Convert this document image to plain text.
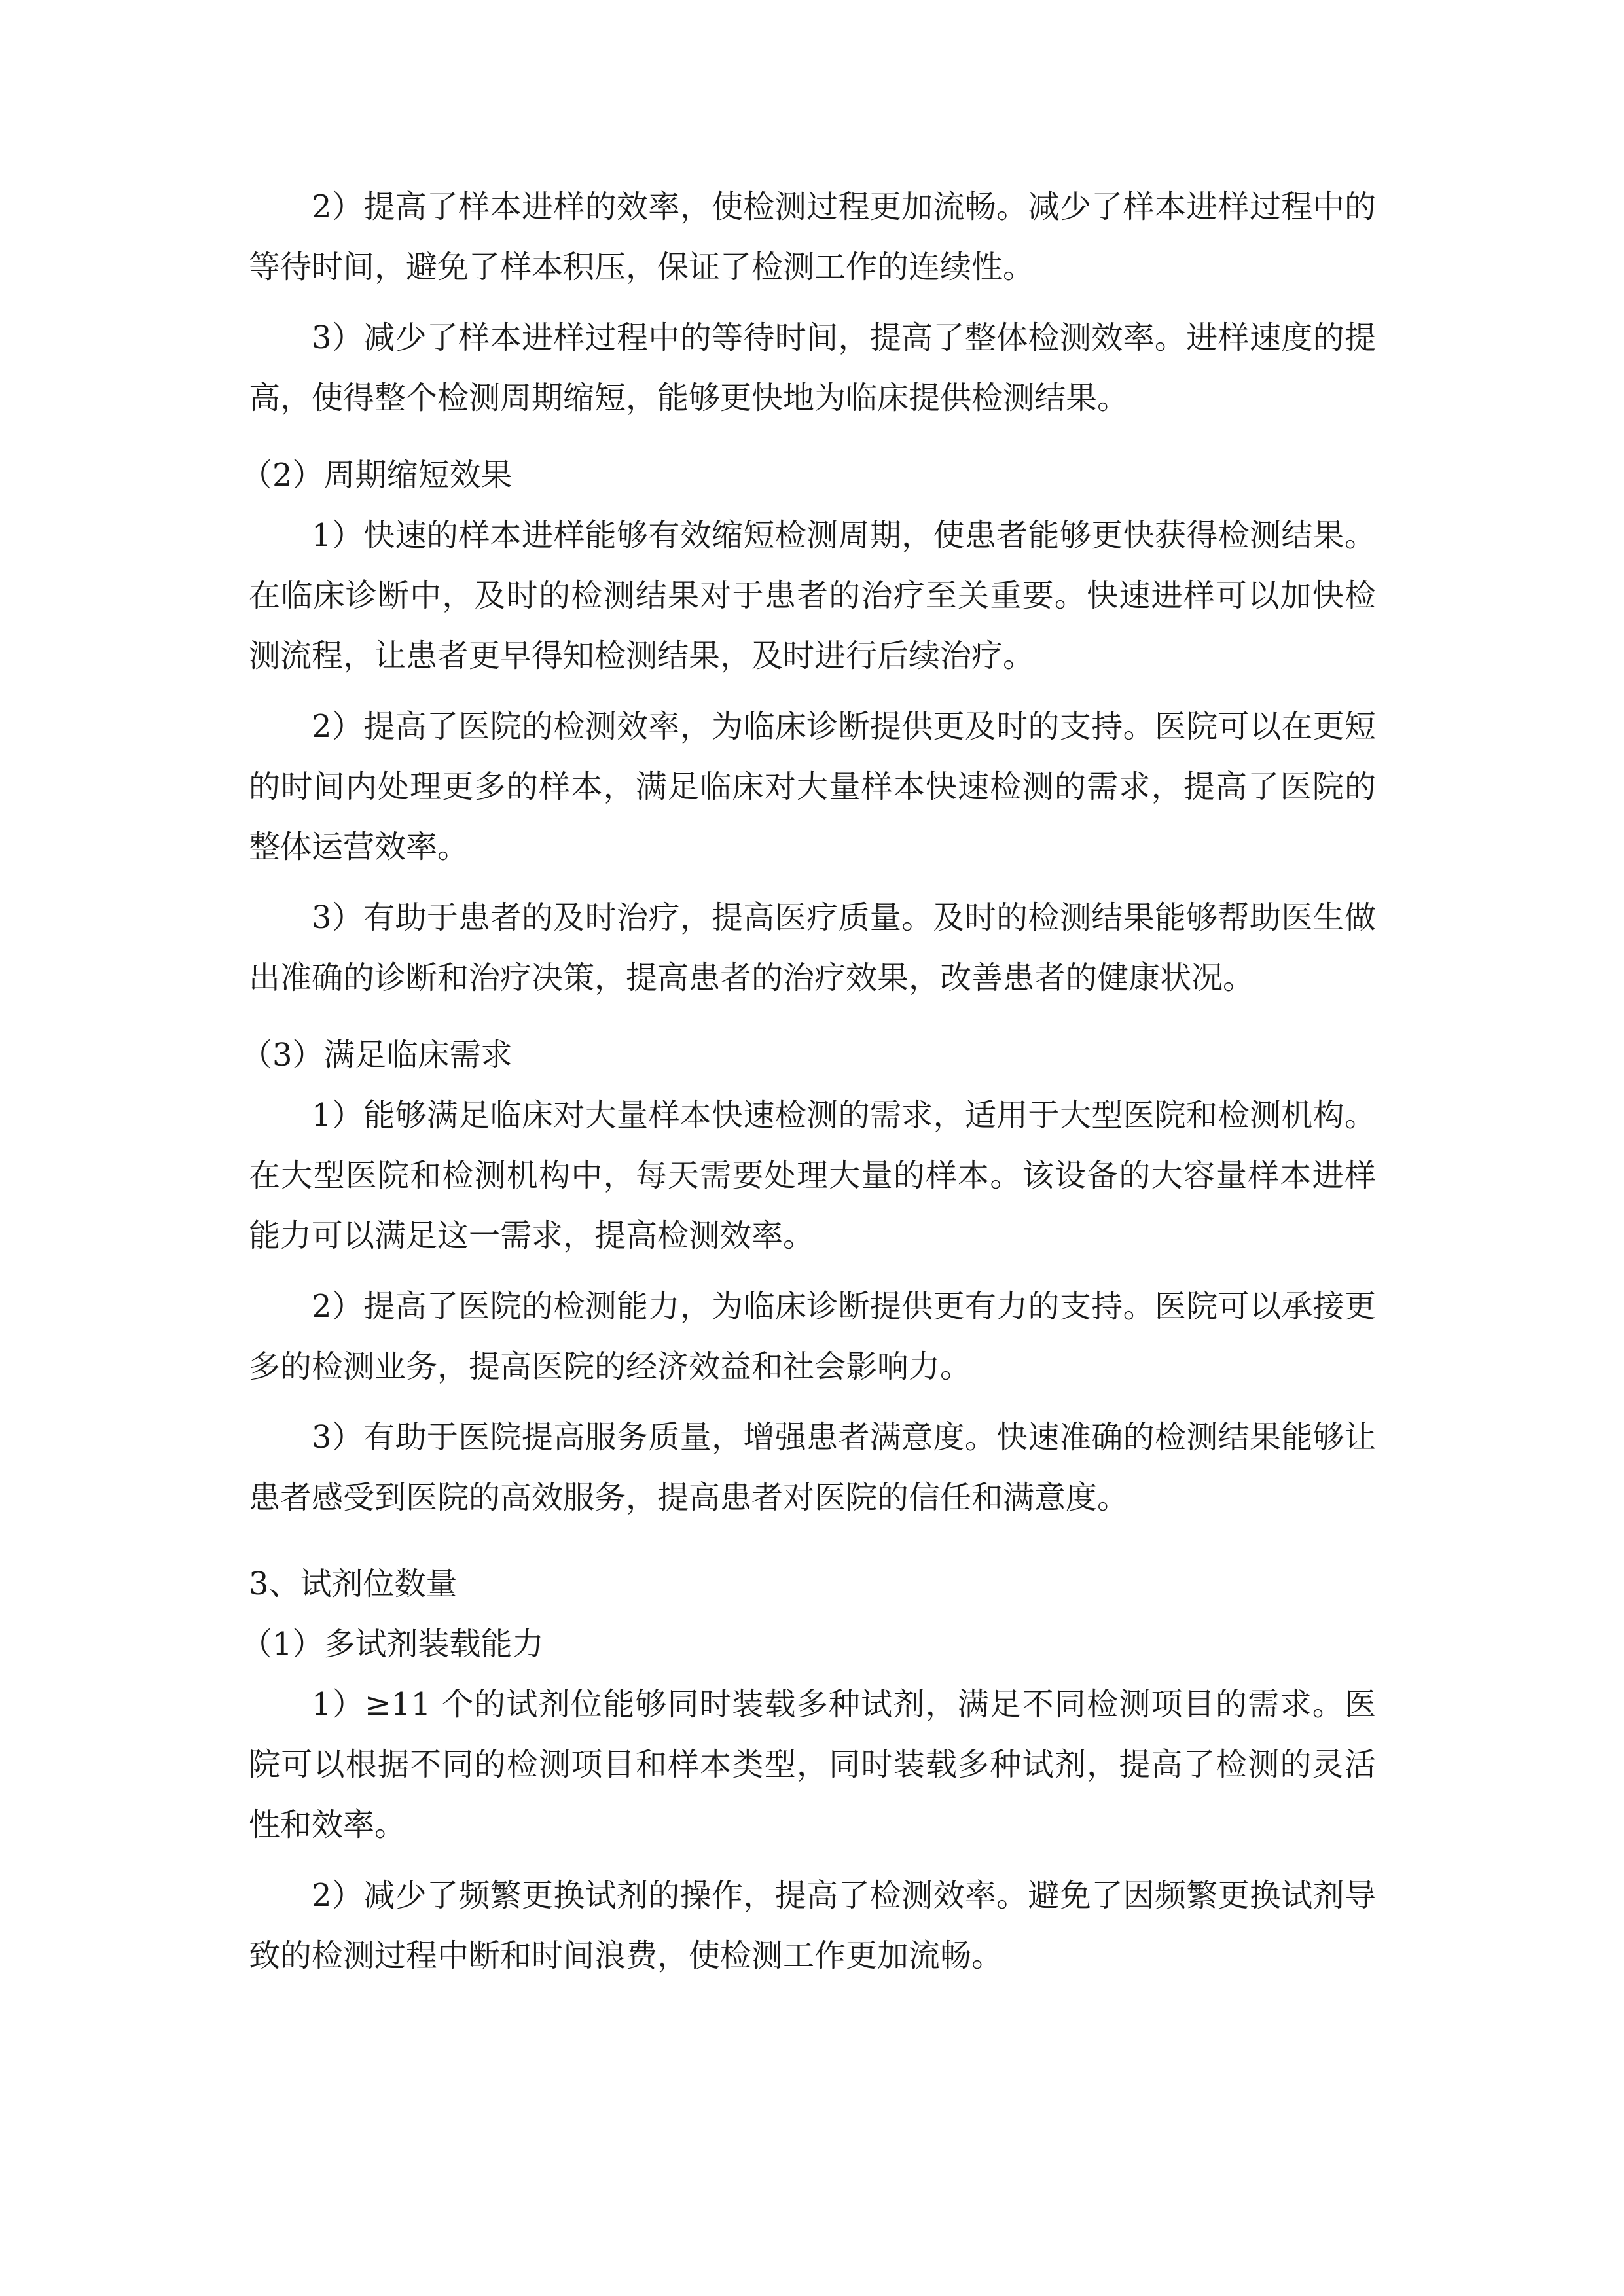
2）提高了样本进样的效率，使检测过程更加流畅。减少了样本进样过程中的等待时间，避免了样本积压，保证了检测工作的连续性。

3）减少了样本进样过程中的等待时间，提高了整体检测效率。进样速度的提高，使得整个检测周期缩短，能够更快地为临床提供检测结果。

（2）周期缩短效果

1）快速的样本进样能够有效缩短检测周期，使患者能够更快获得检测结果。在临床诊断中，及时的检测结果对于患者的治疗至关重要。快速进样可以加快检测流程，让患者更早得知检测结果，及时进行后续治疗。

2）提高了医院的检测效率，为临床诊断提供更及时的支持。医院可以在更短的时间内处理更多的样本，满足临床对大量样本快速检测的需求，提高了医院的整体运营效率。

3）有助于患者的及时治疗，提高医疗质量。及时的检测结果能够帮助医生做出准确的诊断和治疗决策，提高患者的治疗效果，改善患者的健康状况。

（3）满足临床需求

1）能够满足临床对大量样本快速检测的需求，适用于大型医院和检测机构。在大型医院和检测机构中，每天需要处理大量的样本。该设备的大容量样本进样能力可以满足这一需求，提高检测效率。

2）提高了医院的检测能力，为临床诊断提供更有力的支持。医院可以承接更多的检测业务，提高医院的经济效益和社会影响力。

3）有助于医院提高服务质量，增强患者满意度。快速准确的检测结果能够让患者感受到医院的高效服务，提高患者对医院的信任和满意度。

3、试剂位数量

（1）多试剂装载能力

1）≥11 个的试剂位能够同时装载多种试剂，满足不同检测项目的需求。医院可以根据不同的检测项目和样本类型，同时装载多种试剂，提高了检测的灵活性和效率。

2）减少了频繁更换试剂的操作，提高了检测效率。避免了因频繁更换试剂导致的检测过程中断和时间浪费，使检测工作更加流畅。
